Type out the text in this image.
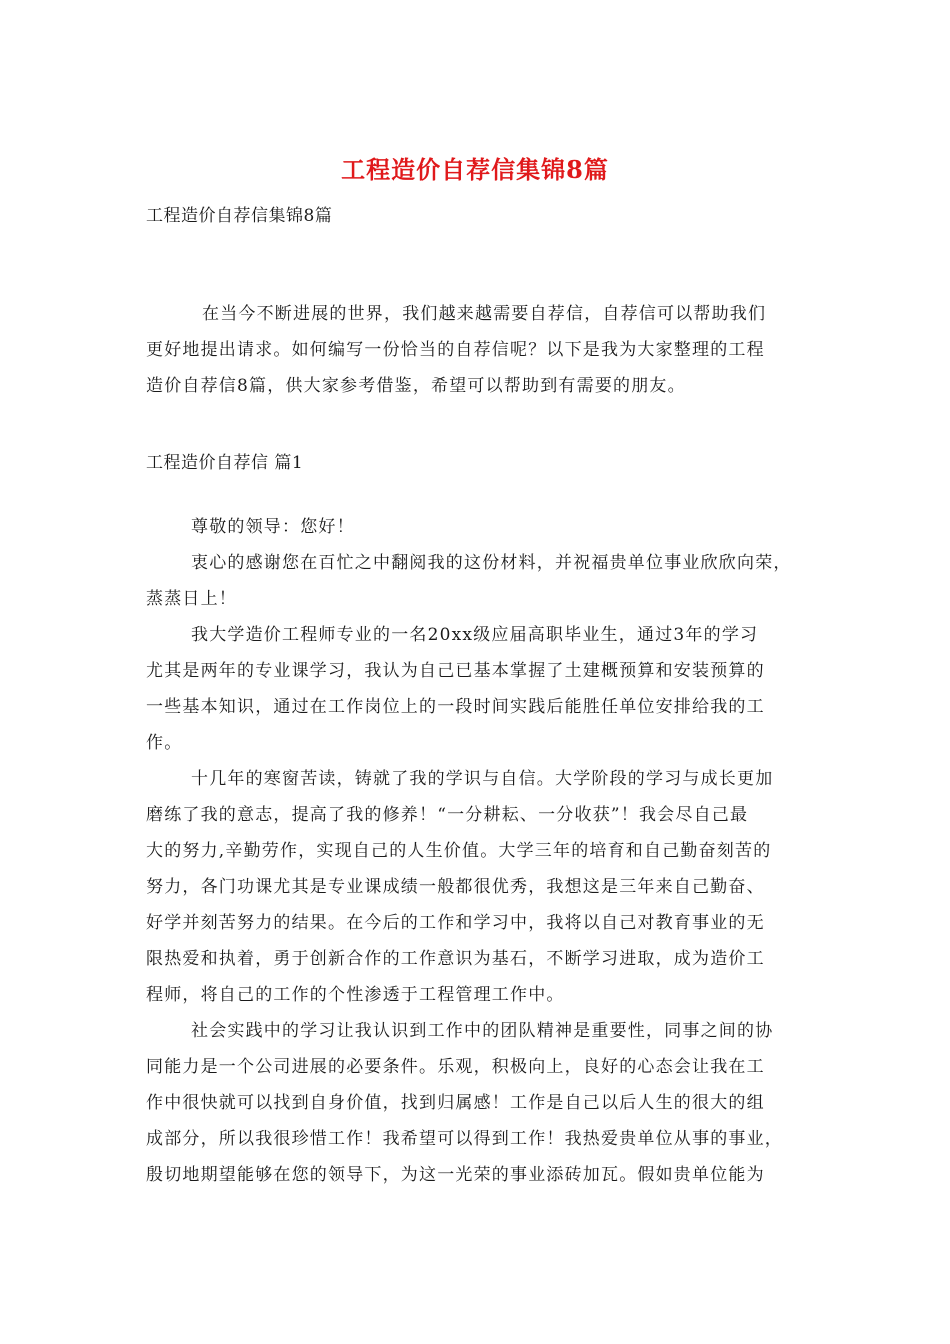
工程造价自荐信集锦8篇
工程造价自荐信集锦8篇
在当今不断进展的世界，我们越来越需要自荐信，自荐信可以帮助我们
更好地提出请求。如何编写一份恰当的自荐信呢？以下是我为大家整理的工程
造价自荐信8篇，供大家参考借鉴，希望可以帮助到有需要的朋友。
工程造价自荐信 篇1
尊敬的领导：您好！
衷心的感谢您在百忙之中翻阅我的这份材料，并祝福贵单位事业欣欣向荣，
蒸蒸日上！
我大学造价工程师专业的一名20xx级应届高职毕业生，通过3年的学习
尤其是两年的专业课学习，我认为自己已基本掌握了土建概预算和安装预算的
一些基本知识，通过在工作岗位上的一段时间实践后能胜任单位安排给我的工
作。
十几年的寒窗苦读，铸就了我的学识与自信。大学阶段的学习与成长更加
磨练了我的意志，提高了我的修养！“一分耕耘、一分收获”！我会尽自己最
大的努力,辛勤劳作，实现自己的人生价值。大学三年的培育和自己勤奋刻苦的
努力，各门功课尤其是专业课成绩一般都很优秀，我想这是三年来自己勤奋、
好学并刻苦努力的结果。在今后的工作和学习中，我将以自己对教育事业的无
限热爱和执着，勇于创新合作的工作意识为基石，不断学习进取，成为造价工
程师，将自己的工作的个性渗透于工程管理工作中。
社会实践中的学习让我认识到工作中的团队精神是重要性，同事之间的协
同能力是一个公司进展的必要条件。乐观，积极向上，良好的心态会让我在工
作中很快就可以找到自身价值，找到归属感！工作是自己以后人生的很大的组
成部分，所以我很珍惜工作！我希望可以得到工作！我热爱贵单位从事的事业，
殷切地期望能够在您的领导下，为这一光荣的事业添砖加瓦。假如贵单位能为
